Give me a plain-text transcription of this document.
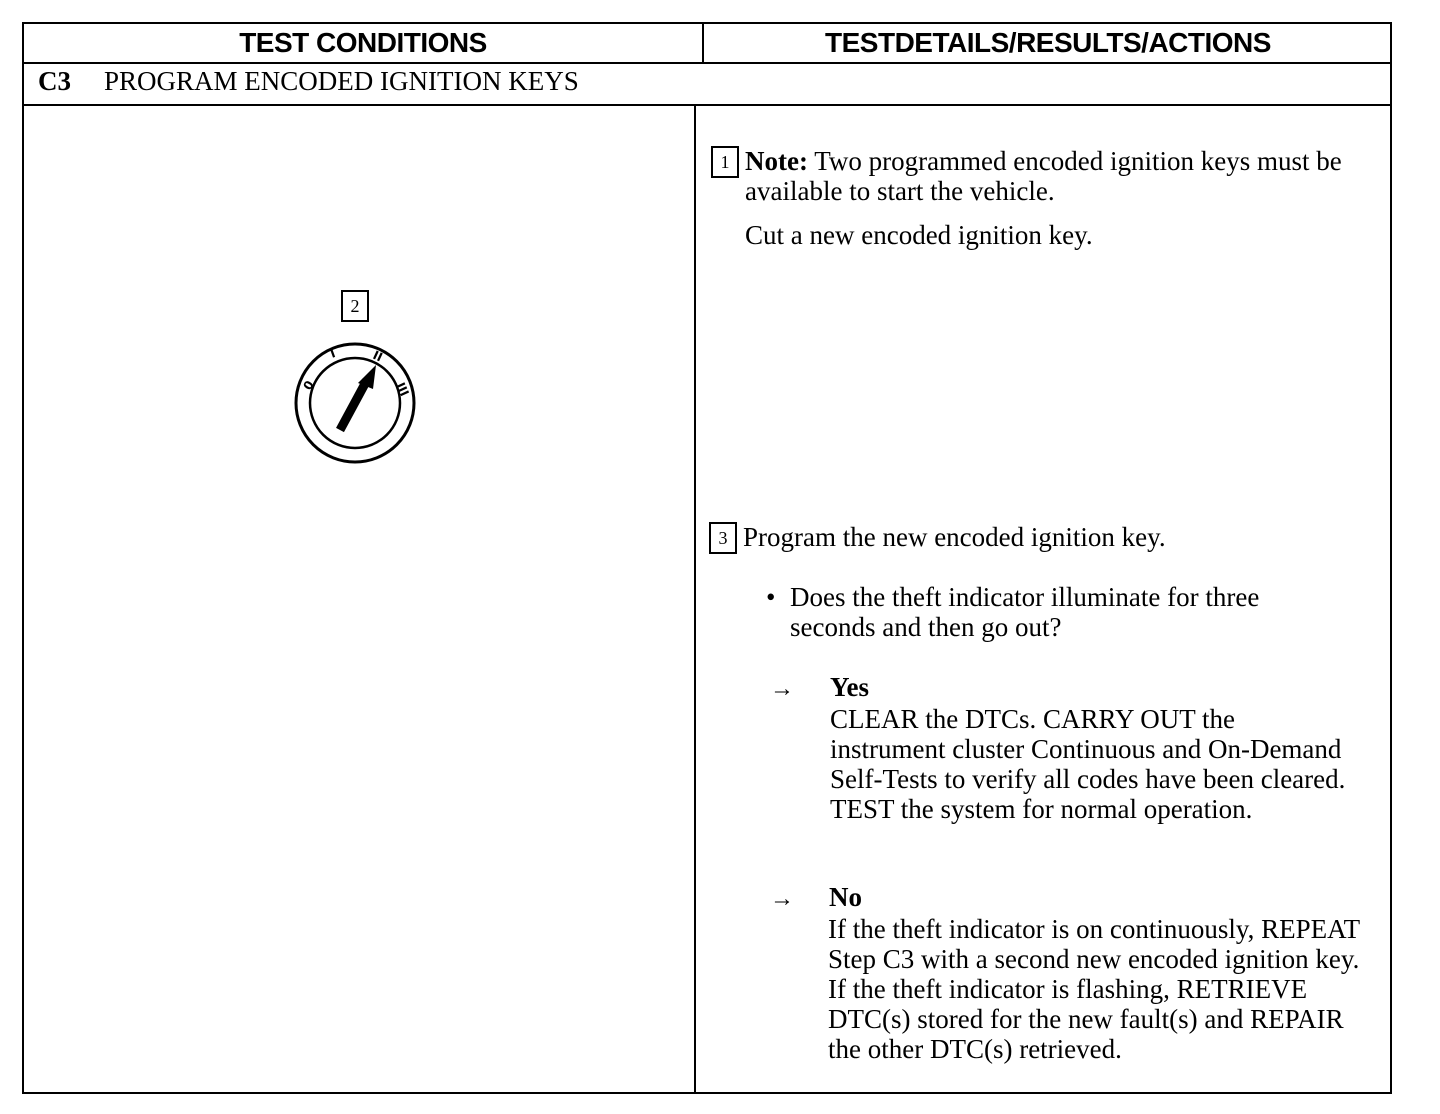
TEST CONDITIONS	TESTDETAILS/RESULTS/ACTIONS
C3 PROGRAM ENCODED IGNITION KEYS
2
0
I	II
III
1 Note: Two programmed encoded ignition keys must be available to start the vehicle.
Cut a new encoded ignition key.
3 Program the new encoded ignition key.
• Does the theft indicator illuminate for three seconds and then go out?
→ Yes
CLEAR the DTCs. CARRY OUT the instrument cluster Continuous and On-Demand Self-Tests to verify all codes have been cleared. TEST the system for normal operation.
→ No
If the theft indicator is on continuously, REPEAT Step C3 with a second new encoded ignition key. If the theft indicator is flashing, RETRIEVE DTC(s) stored for the new fault(s) and REPAIR the other DTC(s) retrieved.
